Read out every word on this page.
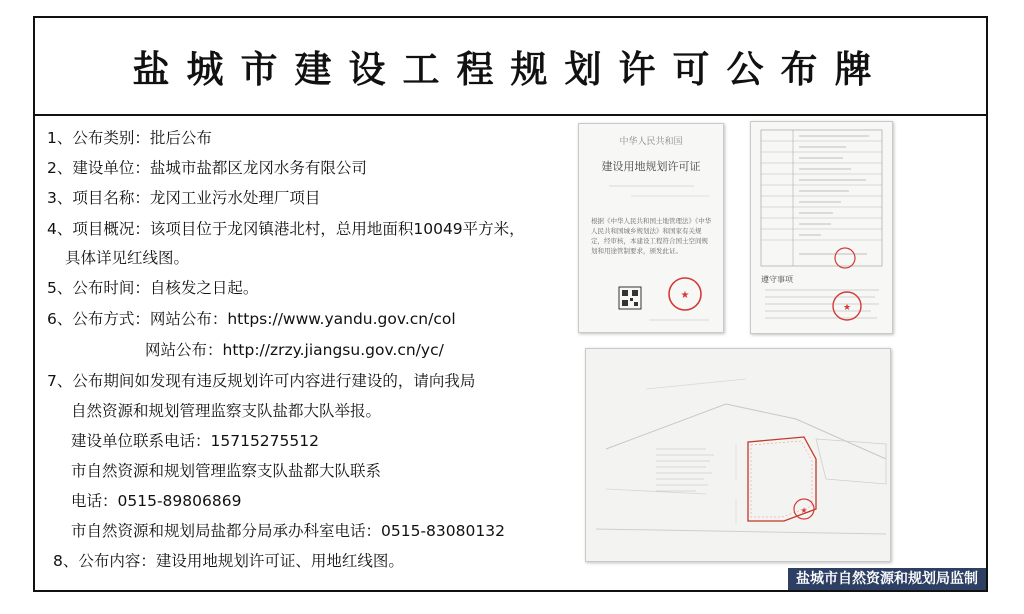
盐城市建设工程规划许可公布牌
1、公布类别：批后公布
2、建设单位：盐城市盐都区龙冈水务有限公司
3、项目名称：龙冈工业污水处理厂项目
4、项目概况：该项目位于龙冈镇港北村，总用地面积10049平方米，
具体详见红线图。
5、公布时间：自核发之日起。
6、公布方式：网站公布：https://www.yandu.gov.cn/col
网站公布：http://zrzy.jiangsu.gov.cn/yc/
7、公布期间如发现有违反规划许可内容进行建设的，请向我局
自然资源和规划管理监察支队盐都大队举报。
建设单位联系电话：15715275512
市自然资源和规划管理监察支队盐都大队联系
电话：0515-89806869
市自然资源和规划局盐都分局承办科室电话：0515-83080132
8、公布内容：建设用地规划许可证、用地红线图。
中华人民共和国
建设用地规划许可证
★
根据《中华人民共和国土地管理法》《中华人民共和国城乡规划法》和国家有关规定，经审核，本建设工程符合国土空间规划和用途管制要求，颁发此证。
★
遵守事项
★
盐城市自然资源和规划局监制
